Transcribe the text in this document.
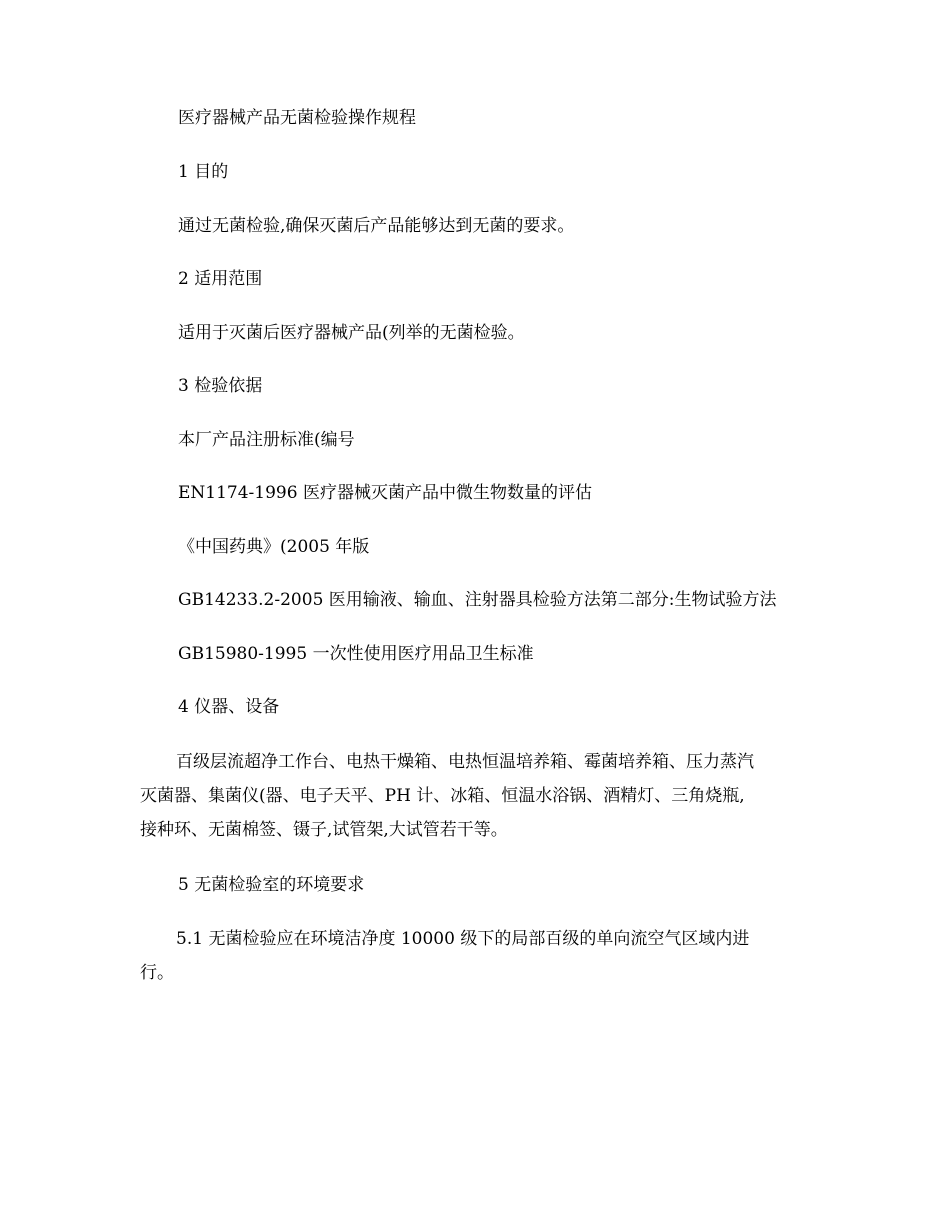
医疗器械产品无菌检验操作规程
1 目的
通过无菌检验,确保灭菌后产品能够达到无菌的要求。
2 适用范围
适用于灭菌后医疗器械产品(列举的无菌检验。
3 检验依据
本厂产品注册标准(编号
EN1174-1996 医疗器械灭菌产品中微生物数量的评估
《中国药典》(2005 年版
GB14233.2-2005 医用输液、输血、注射器具检验方法第二部分:生物试验方法
GB15980-1995 一次性使用医疗用品卫生标准
4 仪器、设备
百级层流超净工作台、电热干燥箱、电热恒温培养箱、霉菌培养箱、压力蒸汽
灭菌器、集菌仪(器、电子天平、PH 计、冰箱、恒温水浴锅、酒精灯、三角烧瓶,
接种环、无菌棉签、镊子,试管架,大试管若干等。
5 无菌检验室的环境要求
5.1 无菌检验应在环境洁净度 10000 级下的局部百级的单向流空气区域内进
行。
